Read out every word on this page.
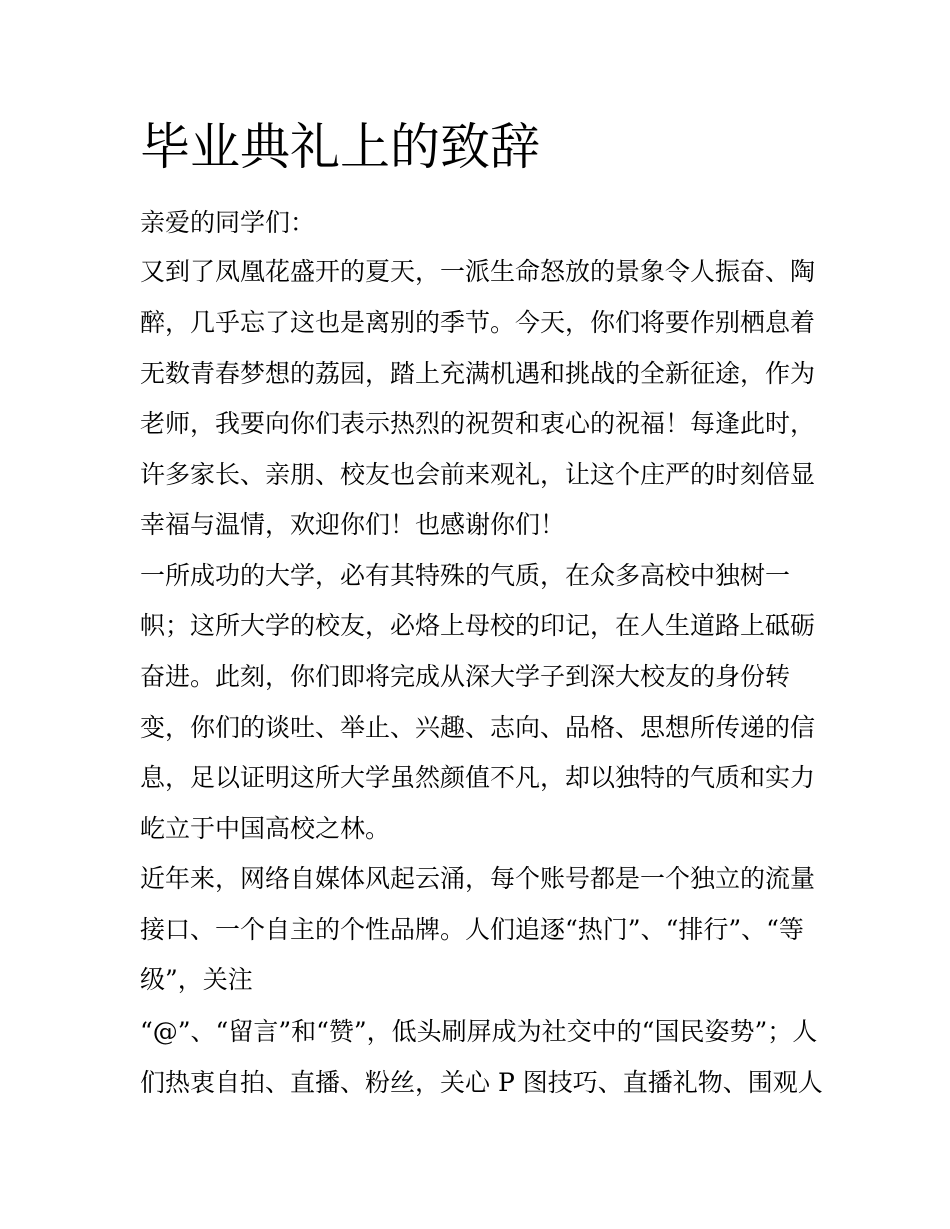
毕业典礼上的致辞

亲爱的同学们：

又到了凤凰花盛开的夏天，一派生命怒放的景象令人振奋、陶

醉，几乎忘了这也是离别的季节。今天，你们将要作别栖息着

无数青春梦想的荔园，踏上充满机遇和挑战的全新征途，作为

老师，我要向你们表示热烈的祝贺和衷心的祝福！每逢此时，

许多家长、亲朋、校友也会前来观礼，让这个庄严的时刻倍显

幸福与温情，欢迎你们！也感谢你们！

一所成功的大学，必有其特殊的气质，在众多高校中独树一

帜；这所大学的校友，必烙上母校的印记，在人生道路上砥砺

奋进。此刻，你们即将完成从深大学子到深大校友的身份转

变，你们的谈吐、举止、兴趣、志向、品格、思想所传递的信

息，足以证明这所大学虽然颜值不凡，却以独特的气质和实力

屹立于中国高校之林。

近年来，网络自媒体风起云涌，每个账号都是一个独立的流量

接口、一个自主的个性品牌。人们追逐“热门”、“排行”、“等

级”，关注

“@”、“留言”和“赞”，低头刷屏成为社交中的“国民姿势”；人

们热衷自拍、直播、粉丝，关心 P 图技巧、直播礼物、围观人
